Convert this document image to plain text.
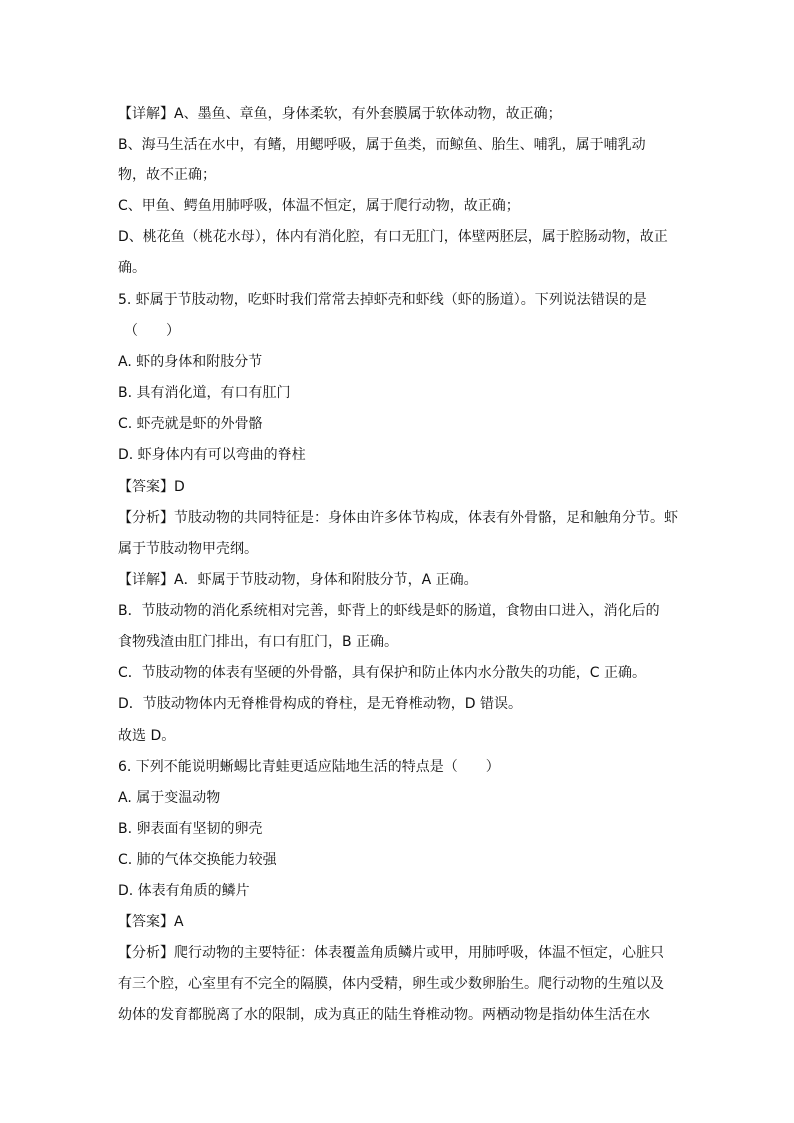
【详解】A、墨鱼、章鱼，身体柔软，有外套膜属于软体动物，故正确；
B、海马生活在水中，有鳍，用鳃呼吸，属于鱼类，而鲸鱼、胎生、哺乳，属于哺乳动
物，故不正确；
C、甲鱼、鳄鱼用肺呼吸，体温不恒定，属于爬行动物，故正确；
D、桃花鱼（桃花水母），体内有消化腔，有口无肛门，体壁两胚层，属于腔肠动物，故正
确。
5. 虾属于节肢动物，吃虾时我们常常去掉虾壳和虾线（虾的肠道）。下列说法错误的是
（　　）
A. 虾的身体和附肢分节
B. 具有消化道，有口有肛门
C. 虾壳就是虾的外骨骼
D. 虾身体内有可以弯曲的脊柱
【答案】D
【分析】节肢动物的共同特征是：身体由许多体节构成，体表有外骨骼，足和触角分节。虾
属于节肢动物甲壳纲。
【详解】A．虾属于节肢动物，身体和附肢分节，A 正确。
B．节肢动物的消化系统相对完善，虾背上的虾线是虾的肠道，食物由口进入，消化后的
食物残渣由肛门排出，有口有肛门，B 正确。
C．节肢动物的体表有坚硬的外骨骼，具有保护和防止体内水分散失的功能，C 正确。
D．节肢动物体内无脊椎骨构成的脊柱，是无脊椎动物，D 错误。
故选 D。
6. 下列不能说明蜥蜴比青蛙更适应陆地生活的特点是（　　）
A. 属于变温动物
B. 卵表面有坚韧的卵壳
C. 肺的气体交换能力较强
D. 体表有角质的鳞片
【答案】A
【分析】爬行动物的主要特征：体表覆盖角质鳞片或甲，用肺呼吸，体温不恒定，心脏只
有三个腔，心室里有不完全的隔膜，体内受精，卵生或少数卵胎生。爬行动物的生殖以及
幼体的发育都脱离了水的限制，成为真正的陆生脊椎动物。两栖动物是指幼体生活在水
